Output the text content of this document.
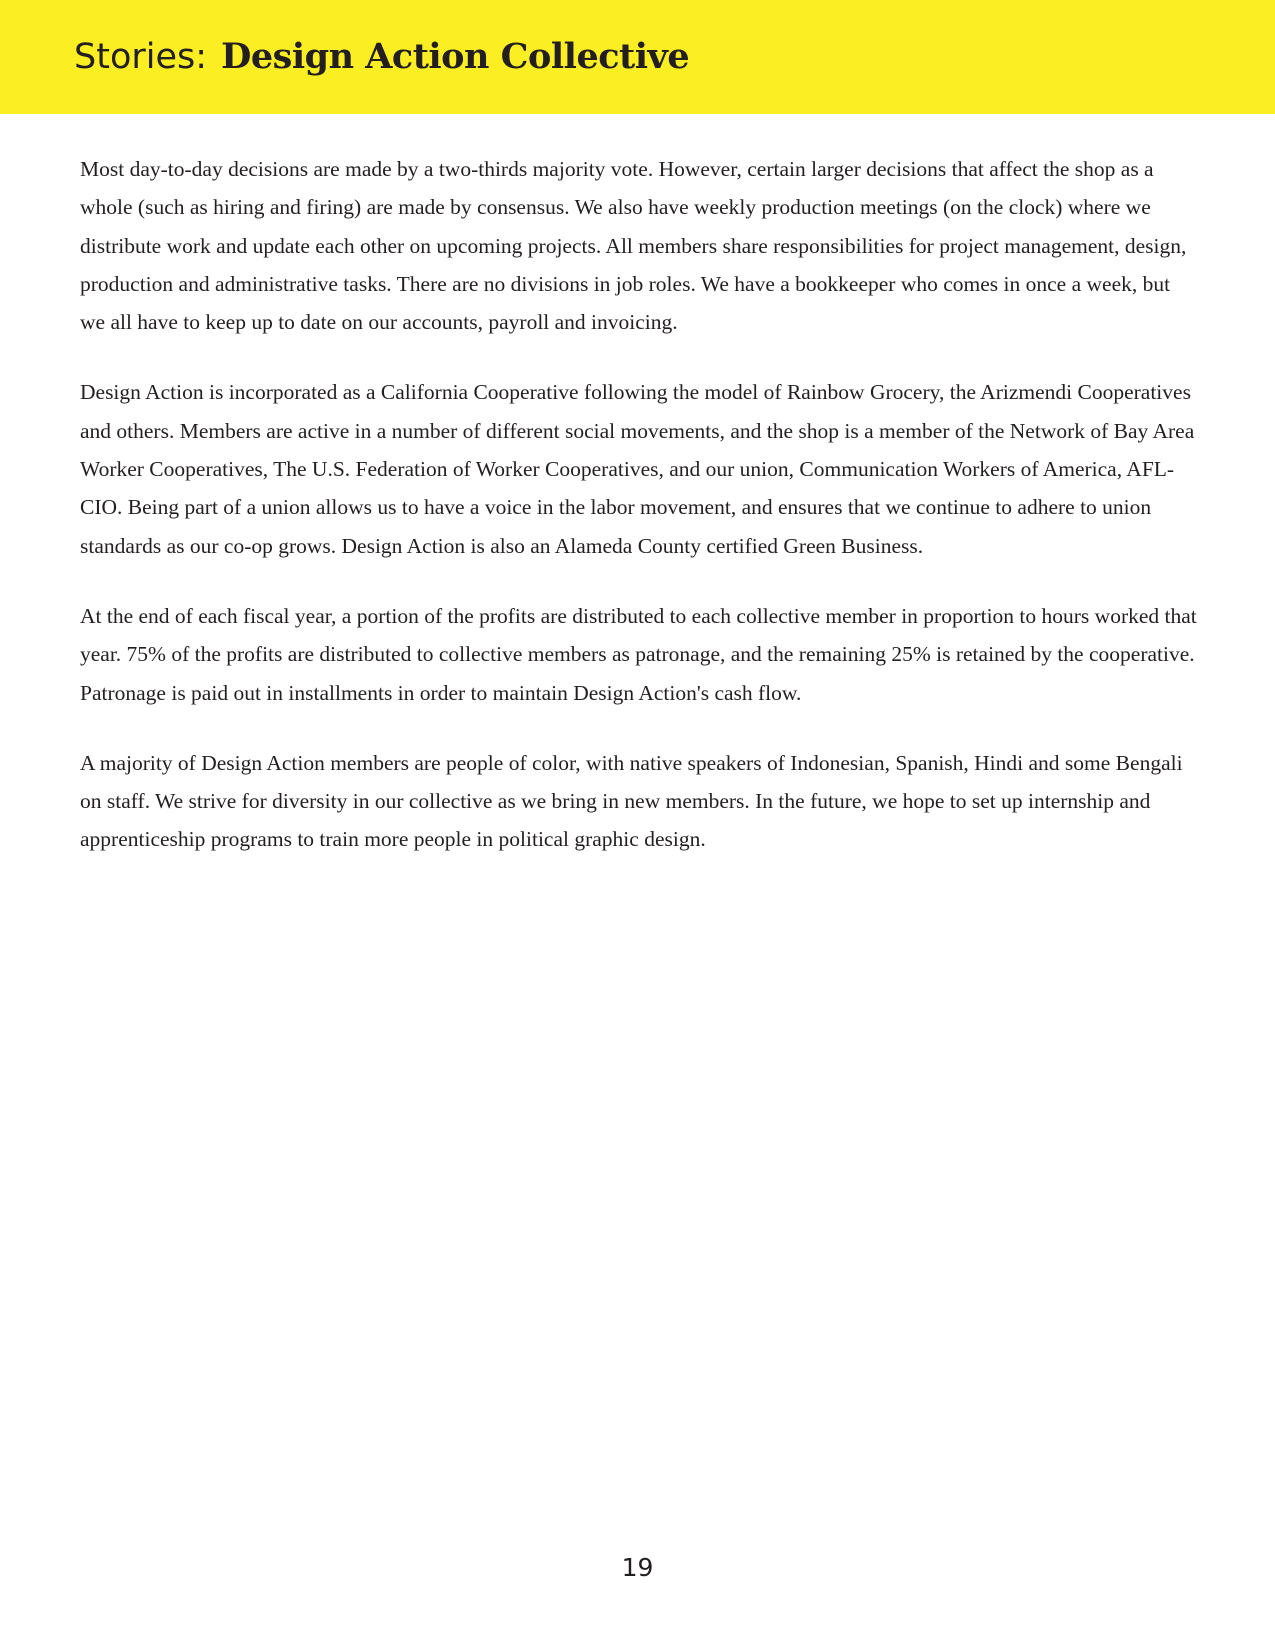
Stories: Design Action Collective

Most day-to-day decisions are made by a two-thirds majority vote. However, certain larger decisions that affect the shop as a whole (such as hiring and firing) are made by consensus. We also have weekly production meetings (on the clock) where we distribute work and update each other on upcoming projects. All members share responsibilities for project management, design, production and administrative tasks. There are no divisions in job roles. We have a bookkeeper who comes in once a week, but we all have to keep up to date on our accounts, payroll and invoicing.

Design Action is incorporated as a California Cooperative following the model of Rainbow Grocery, the Arizmendi Cooperatives and others. Members are active in a number of different social movements, and the shop is a member of the Network of Bay Area Worker Cooperatives, The U.S. Federation of Worker Cooperatives, and our union, Communication Workers of America, AFL-CIO. Being part of a union allows us to have a voice in the labor movement, and ensures that we continue to adhere to union standards as our co-op grows. Design Action is also an Alameda County certified Green Business.

At the end of each fiscal year, a portion of the profits are distributed to each collective member in proportion to hours worked that year. 75% of the profits are distributed to collective members as patronage, and the remaining 25% is retained by the cooperative. Patronage is paid out in installments in order to maintain Design Action's cash flow.

A majority of Design Action members are people of color, with native speakers of Indonesian, Spanish, Hindi and some Bengali on staff. We strive for diversity in our collective as we bring in new members. In the future, we hope to set up internship and apprenticeship programs to train more people in political graphic design.

19
